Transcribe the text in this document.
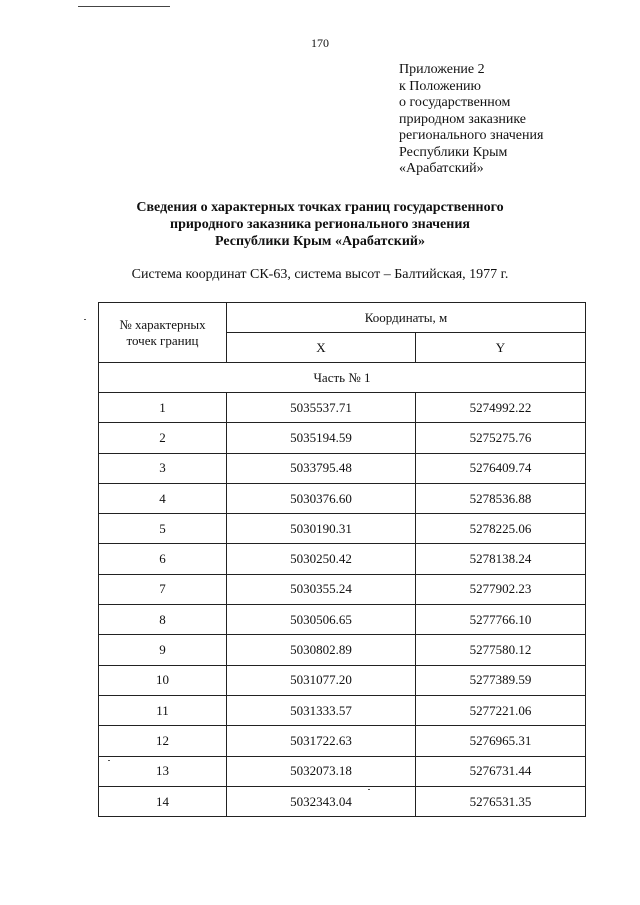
170
Приложение 2
к Положению
о государственном
природном заказнике
регионального значения
Республики Крым
«Арабатский»
Сведения о характерных точках границ государственного
природного заказника регионального значения
Республики Крым «Арабатский»
Система координат СК-63, система высот – Балтийская, 1977 г.
№ характерных
точек границ	Координаты, м	
	X	Y
Часть № 1		
1	5035537.71	5274992.22
2	5035194.59	5275275.76
3	5033795.48	5276409.74
4	5030376.60	5278536.88
5	5030190.31	5278225.06
6	5030250.42	5278138.24
7	5030355.24	5277902.23
8	5030506.65	5277766.10
9	5030802.89	5277580.12
10	5031077.20	5277389.59
11	5031333.57	5277221.06
12	5031722.63	5276965.31
13	5032073.18	5276731.44
14	5032343.04	5276531.35
